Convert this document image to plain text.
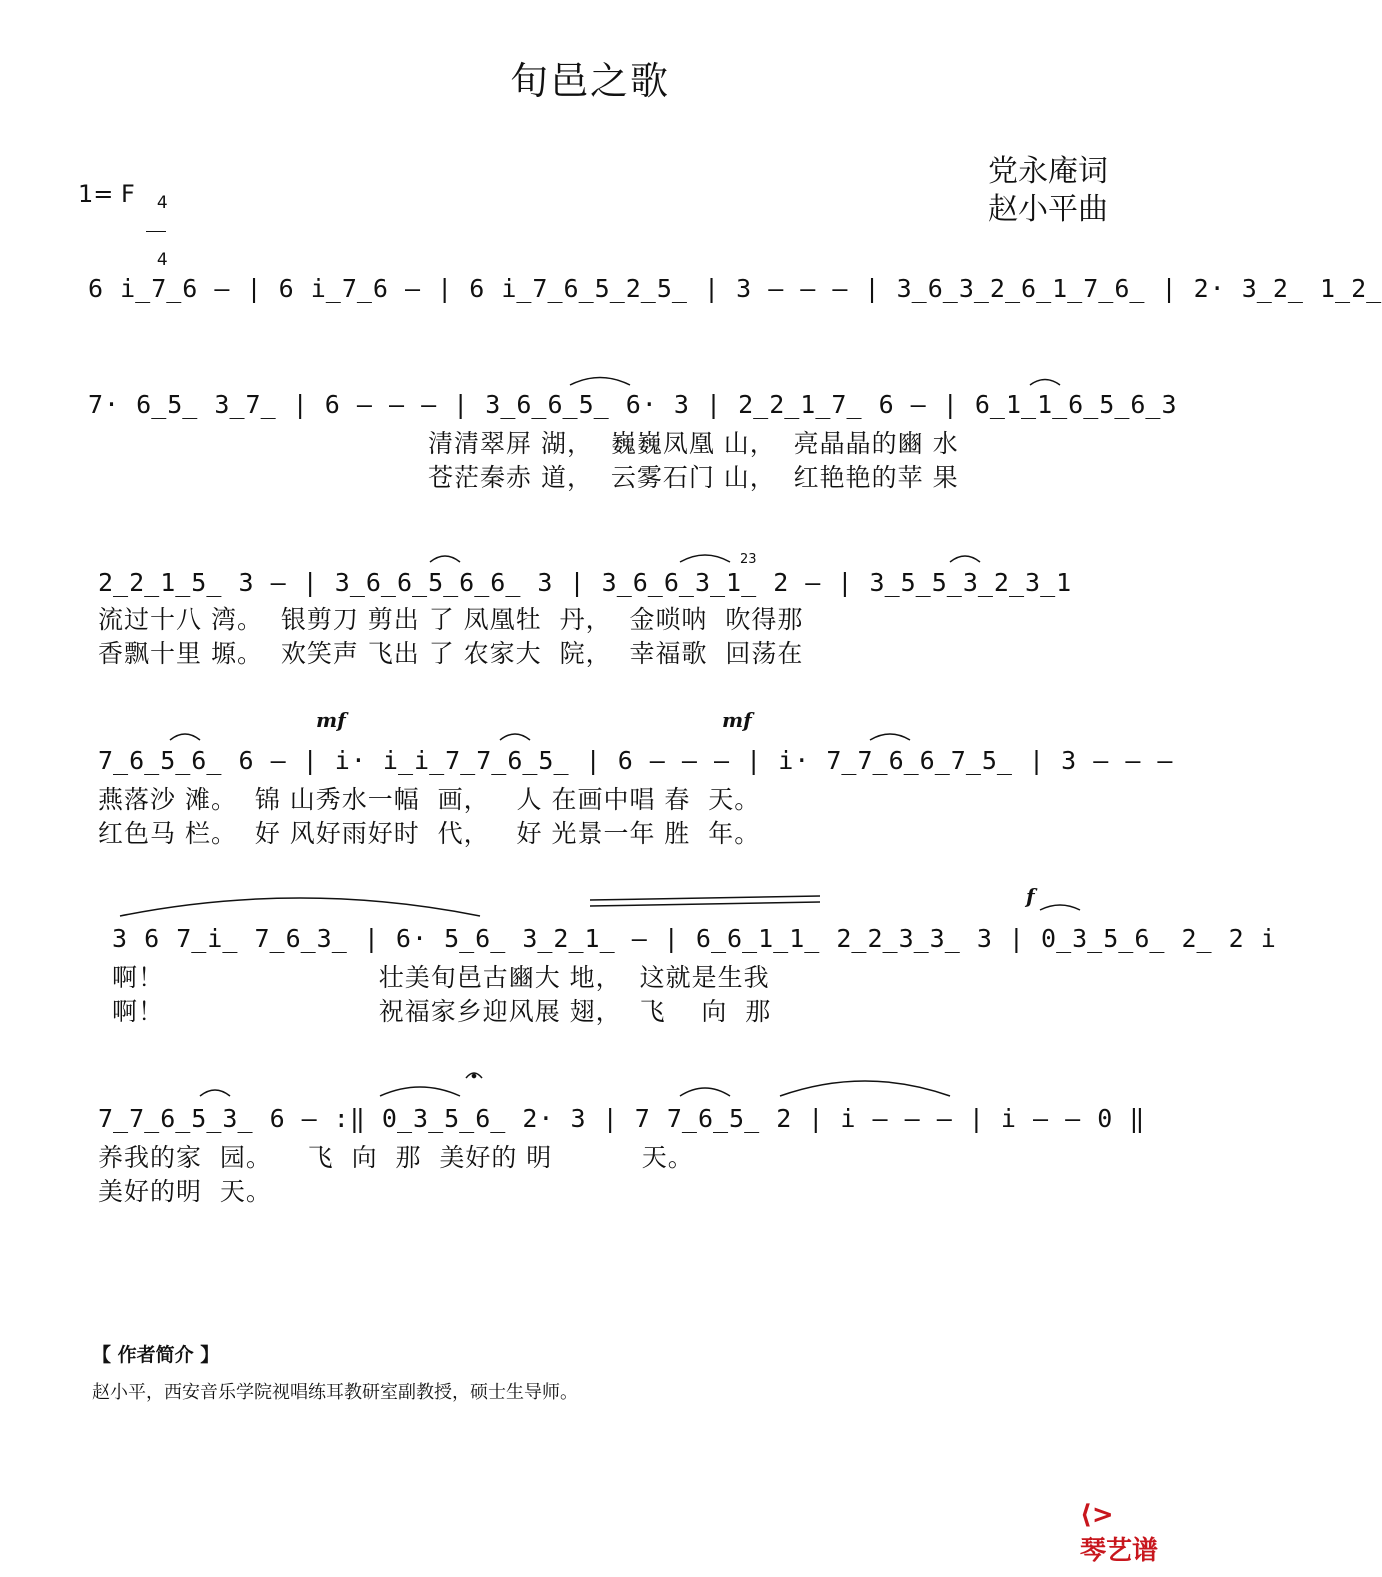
旬邑之歌
党永庵词
赵小平曲
1= F	4

4

6 i̲7̲6 – | 6 i̲7̲6 – | 6 i̲7̲6̲5̲2̲5̲ | 3 – – – | 3̲6̲3̲2̲6̲1̲7̲6̲ | 2· 3̲2̲ 1̲2̲
7· 6̲5̲ 3̲7̲ | 6 – – – | 3̲6̲6̲5̲ 6· 3 | 2̲2̲1̲7̲ 6 – | 6̲1̲1̲6̲5̲6̲3
清清翠屏 湖，  巍巍凤凰 山，  亮晶晶的豳 水
苍茫秦赤 道，  云雾石门 山，  红艳艳的苹 果
23
2̲2̲1̲5̲ 3 – | 3̲6̲6̲5̲6̲6̲ 3 | 3̲6̲6̲3̲1̲ 2 – | 3̲5̲5̲3̲2̲3̲1
流过十八 湾。  银剪刀 剪出 了 凤凰牡  丹，  金唢呐  吹得那
香飘十里 塬。  欢笑声 飞出 了 农家大  院，  幸福歌  回荡在
mf	mf
7̲6̲5̲6̲ 6 – | i· i̲i̲7̲7̲6̲5̲ | 6 – – – | i· 7̲7̲6̲6̲7̲5̲ | 3 – – –
燕落沙 滩。  锦 山秀水一幅  画，   人 在画中唱 春  天。
红色马 栏。  好 风好雨好时  代，   好 光景一年 胜  年。
f
3 6 7̲i̲ 7̲6̲3̲ | 6· 5̲6̲ 3̲2̲1̲ – | 6̲6̲1̲1̲ 2̲2̲3̲3̲ 3 | 0̲3̲5̲6̲ 2̲ 2 i
啊！                        壮美旬邑古豳大 地，  这就是生我
啊！                        祝福家乡迎风展 翅，  飞    向  那
7̲7̲6̲5̲3̲ 6 – :‖ 0̲3̲5̲6̲ 2· 3 | 7 7̲6̲5̲ 2 | i – – – | i – – 0 ‖
养我的家  园。    飞  向  那  美好的 明          天。
美好的明  天。
【 作者简介 】
赵小平，西安音乐学院视唱练耳教研室副教授，硕士生导师。

⟨>
琴艺谱
